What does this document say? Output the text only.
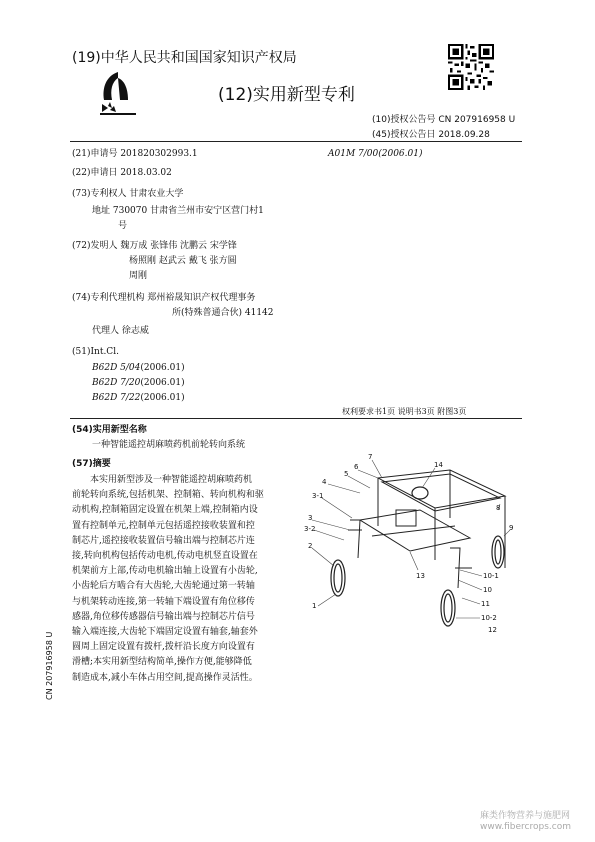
(19)中华人民共和国国家知识产权局
(12)实用新型专利
(10)授权公告号 CN 207916958 U
(45)授权公告日 2018.09.28
(21)申请号 201820302993.1	A01M 7/00(2006.01)
(22)申请日 2018.03.02
(73)专利权人 甘肃农业大学
地址 730070 甘肃省兰州市安宁区营门村1
号
(72)发明人 魏万成 张锋伟 沈鹏云 宋学锋
杨照刚 赵武云 戴飞 张方圆
周刚
(74)专利代理机构 郑州裕晟知识产权代理事务
所(特殊普通合伙) 41142
代理人 徐志威
(51)Int.Cl.
B62D 5/04(2006.01)
B62D 7/20(2006.01)
B62D 7/22(2006.01)
权利要求书1页 说明书3页 附图3页
(54)实用新型名称
一种智能遥控胡麻喷药机前轮转向系统
(57)摘要
本实用新型涉及一种智能遥控胡麻喷药机
前轮转向系统,包括机架、控制箱、转向机构和驱
动机构,控制箱固定设置在机架上端,控制箱内设
置有控制单元,控制单元包括遥控接收装置和控
制芯片,遥控接收装置信号输出端与控制芯片连
接,转向机构包括传动电机,传动电机竖直设置在
机架前方上部,传动电机输出轴上设置有小齿轮,
小齿轮后方啮合有大齿轮,大齿轮通过第一转轴
与机架转动连接,第一转轴下端设置有角位移传
感器,角位移传感器信号输出端与控制芯片信号
输入端连接,大齿轮下端固定设置有轴套,轴套外
圆周上固定设置有拨杆,拨杆沿长度方向设置有
滑槽;本实用新型结构简单,操作方便,能够降低
制造成本,减小车体占用空间,提高操作灵活性。
4
5
6
7
14
8
9
3-1
3
3-2
2
1
13	10-1
10
11
10-2
12
CN 207916958 U
麻类作物营养与施肥网
www.fibercrops.com
